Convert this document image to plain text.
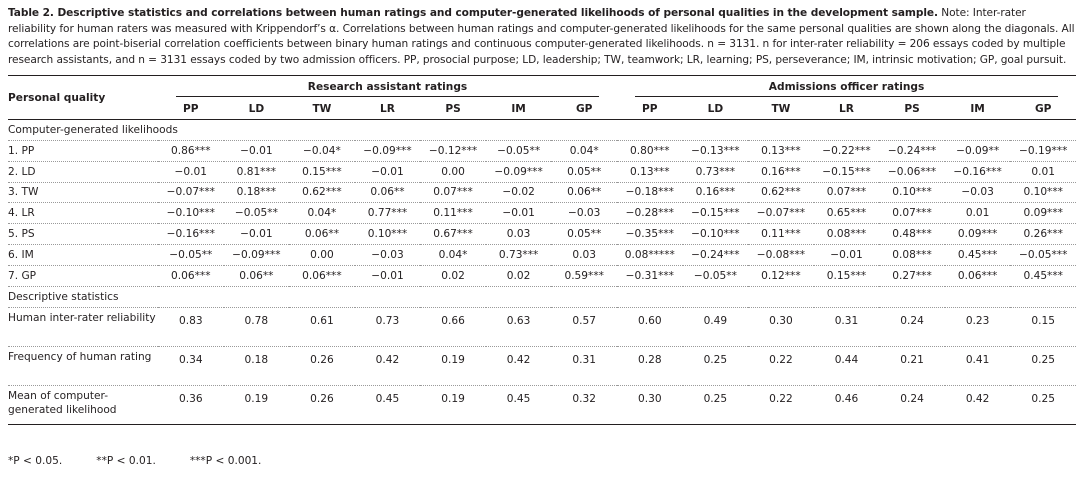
Table 2. Descriptive statistics and correlations between human ratings and computer-generated likelihoods of personal qualities in the development sample. Note: Inter-rater reliability for human raters was measured with Krippendorf’s α. Correlations between human ratings and computer-generated likelihoods for the same personal qualities are shown along the diagonals. All correlations are point-biserial correlation coefficients between binary human ratings and continuous computer-generated likelihoods. n = 3131. n for inter-rater reliability = 206 essays coded by multiple research assistants, and n = 3131 essays coded by two admission officers. PP, prosocial purpose; LD, leadership; TW, teamwork; LR, learning; PS, perseverance; IM, intrinsic motivation; GP, goal pursuit.
Personal quality	Research assistant ratings							Admissions officer ratings						

	PP	LD	TW	LR	PS	IM	GP	PP	LD	TW	LR	PS	IM	GP
Computer-generated likelihoods														
1. PP	0.86***	−0.01	−0.04*	−0.09***	−0.12***	−0.05**	0.04*	0.80***	−0.13***	0.13***	−0.22***	−0.24***	−0.09**	−0.19***
2. LD	−0.01	0.81***	0.15***	−0.01	0.00	−0.09***	0.05**	0.13***	0.73***	0.16***	−0.15***	−0.06***	−0.16***	0.01
3. TW	−0.07***	0.18***	0.62***	0.06**	0.07***	−0.02	0.06**	−0.18***	0.16***	0.62***	0.07***	0.10***	−0.03	0.10***
4. LR	−0.10***	−0.05**	0.04*	0.77***	0.11***	−0.01	−0.03	−0.28***	−0.15***	−0.07***	0.65***	0.07***	0.01	0.09***
5. PS	−0.16***	−0.01	0.06**	0.10***	0.67***	0.03	0.05**	−0.35***	−0.10***	0.11***	0.08***	0.48***	0.09***	0.26***
6. IM	−0.05**	−0.09***	0.00	−0.03	0.04*	0.73***	0.03	0.08*****	−0.24***	−0.08***	−0.01	0.08***	0.45***	−0.05***
7. GP	0.06***	0.06**	0.06***	−0.01	0.02	0.02	0.59***	−0.31***	−0.05**	0.12***	0.15***	0.27***	0.06***	0.45***
Descriptive statistics														
Human inter-rater reliability	0.83	0.78	0.61	0.73	0.66	0.63	0.57	0.60	0.49	0.30	0.31	0.24	0.23	0.15
Frequency of human rating	0.34	0.18	0.26	0.42	0.19	0.42	0.31	0.28	0.25	0.22	0.44	0.21	0.41	0.25
Mean of computer-generated likelihood	0.36	0.19	0.26	0.45	0.19	0.45	0.32	0.30	0.25	0.22	0.46	0.24	0.42	0.25
*P < 0.05.	**P < 0.01.	***P < 0.001.
